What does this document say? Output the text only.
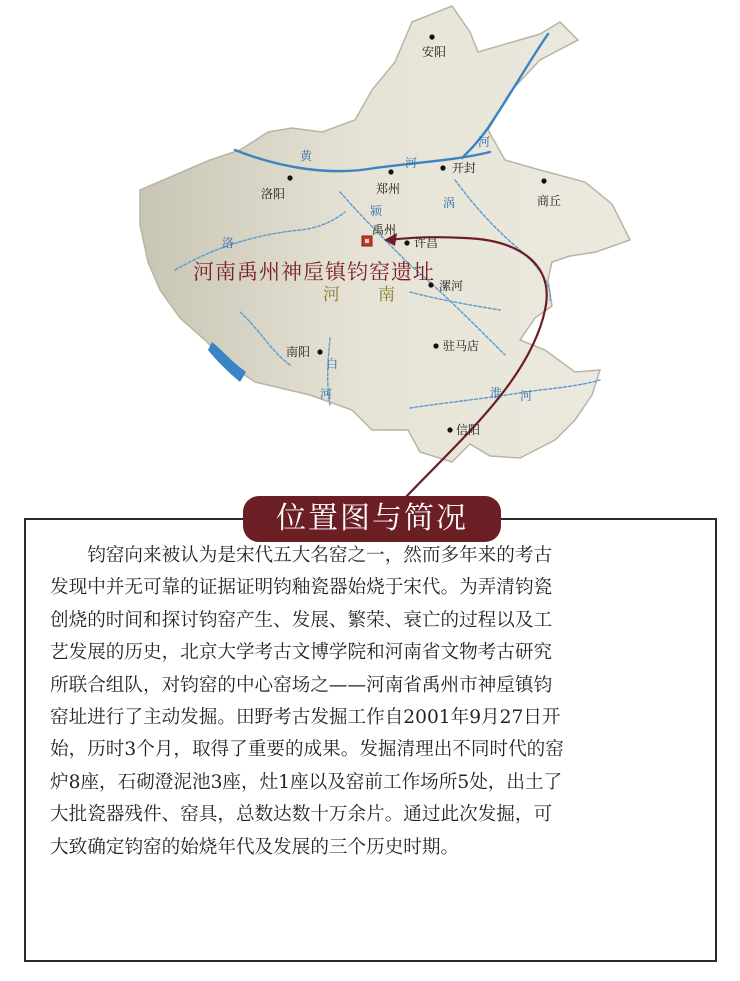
安阳
开封
郑州
洛阳	商丘
禹州
许昌
漯河
南阳	驻马店
信阳
黄	河
河
颍
涡
洛
白
河	淮 河
河南禹州神垕镇钧窑遗址
河 南
位置图与简况

　　钧窑向来被认为是宋代五大名窑之一，然而多年来的考古
发现中并无可靠的证据证明钧釉瓷器始烧于宋代。为弄清钧瓷
创烧的时间和探讨钧窑产生、发展、繁荣、衰亡的过程以及工
艺发展的历史，北京大学考古文博学院和河南省文物考古研究
所联合组队，对钧窑的中心窑场之——河南省禹州市神垕镇钧
窑址进行了主动发掘。田野考古发掘工作自2001年9月27日开
始，历时3个月，取得了重要的成果。发掘清理出不同时代的窑
炉8座，石砌澄泥池3座，灶1座以及窑前工作场所5处，出土了
大批瓷器残件、窑具，总数达数十万余片。通过此次发掘，可
大致确定钧窑的始烧年代及发展的三个历史时期。
